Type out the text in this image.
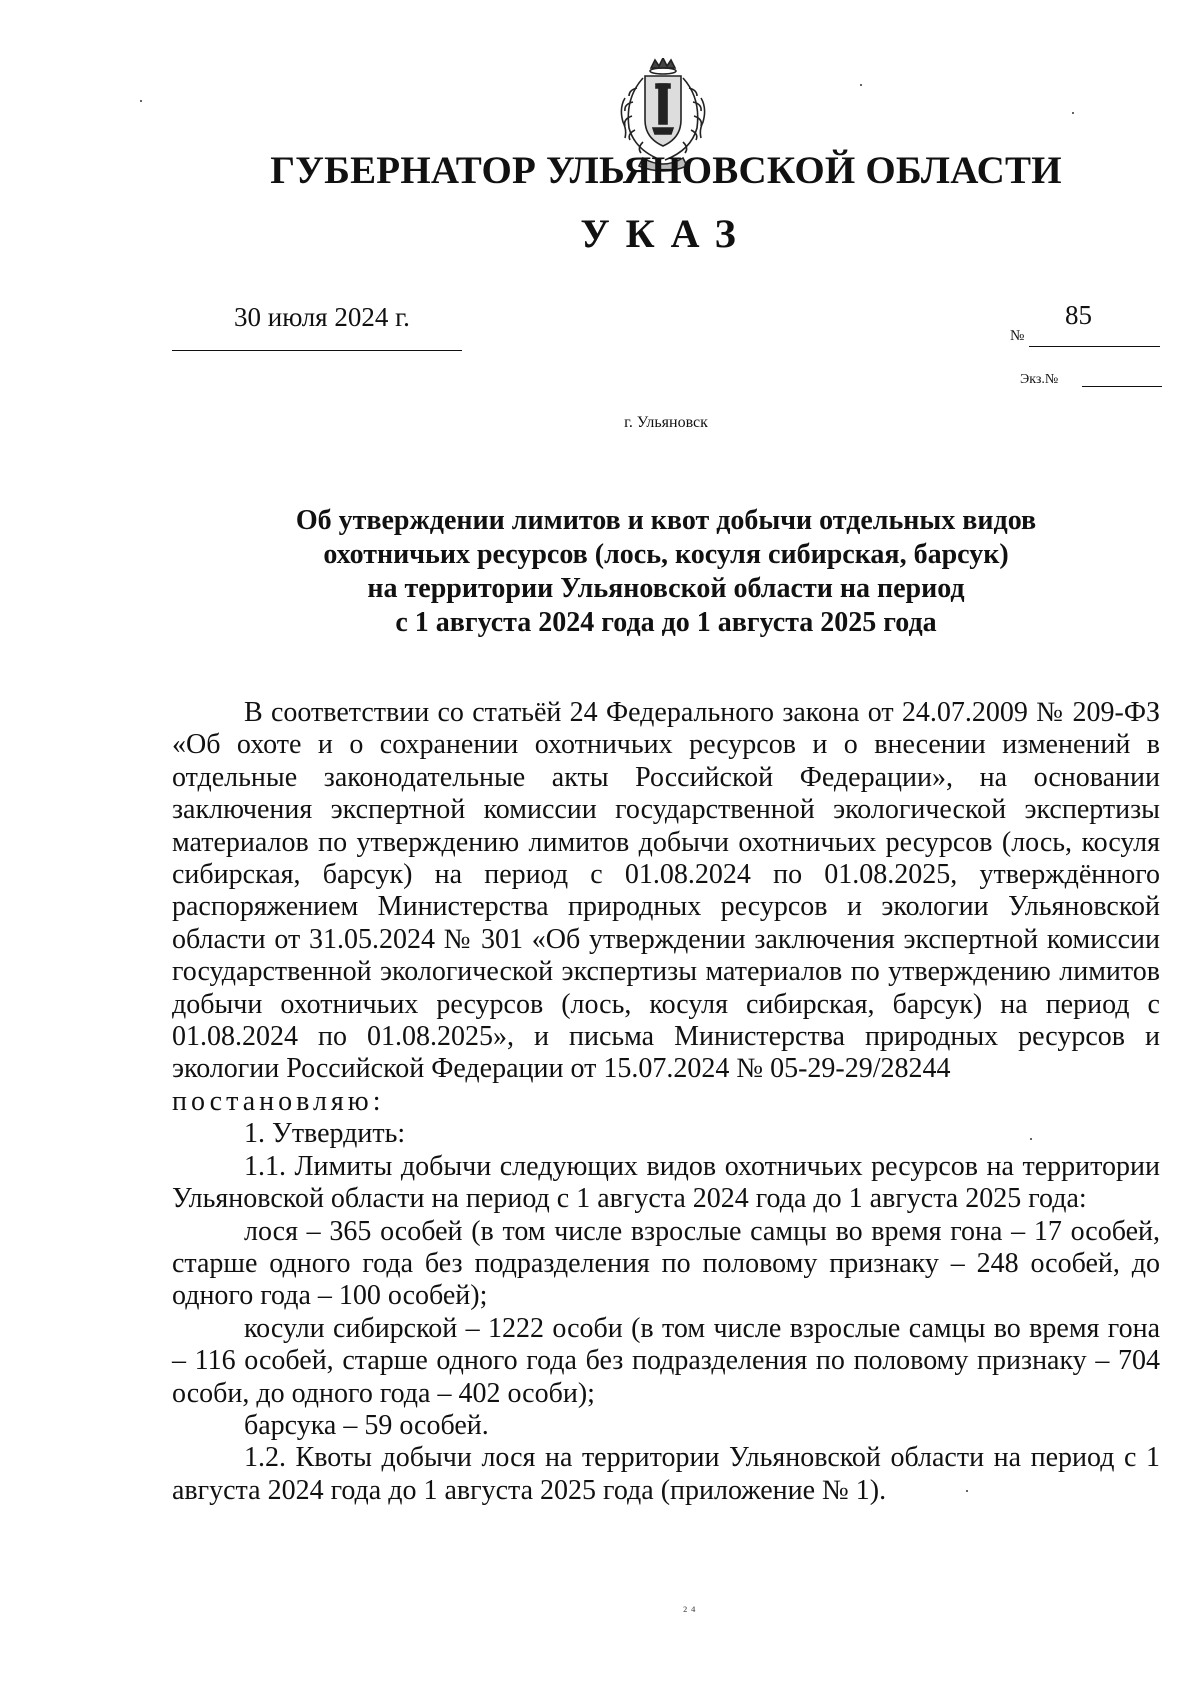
ГУБЕРНАТОР УЛЬЯНОВСКОЙ ОБЛАСТИ
УКАЗ
30 июля 2024 г.	85
№
Экз.№
г. Ульяновск
Об утверждении лимитов и квот добычи отдельных видов
охотничьих ресурсов (лось, косуля сибирская, барсук)
на территории Ульяновской области на период
с 1 августа 2024 года до 1 августа 2025 года

В соответствии со статьёй 24 Федерального закона от 24.07.2009 № 209-ФЗ «Об охоте и о сохранении охотничьих ресурсов и о внесении изменений в отдельные законодательные акты Российской Федерации», на основании заключения экспертной комиссии государственной экологической экспертизы материалов по утверждению лимитов добычи охотничьих ресурсов (лось, косуля сибирская, барсук) на период с 01.08.2024 по 01.08.2025, утверждённого распоряжением Министерства природных ресурсов и экологии Ульяновской области от 31.05.2024 № 301 «Об утверждении заключения экспертной комиссии государственной экологической экспертизы материалов по утверждению лимитов добычи охотничьих ресурсов (лось, косуля сибирская, барсук) на период с 01.08.2024 по 01.08.2025», и письма Министерства природных ресурсов и экологии Российской Федерации от 15.07.2024 № 05-29-29/28244

постановляю:

1. Утвердить:

1.1. Лимиты добычи следующих видов охотничьих ресурсов на территории Ульяновской области на период с 1 августа 2024 года до 1 августа 2025 года:

лося – 365 особей (в том числе взрослые самцы во время гона – 17 особей, старше одного года без подразделения по половому признаку – 248 особей, до одного года – 100 особей);

косули сибирской – 1222 особи (в том числе взрослые самцы во время гона – 116 особей, старше одного года без подразделения по половому признаку – 704 особи, до одного года – 402 особи);

барсука – 59 особей.

1.2. Квоты добычи лося на территории Ульяновской области на период с 1 августа 2024 года до 1 августа 2025 года (приложение № 1).

² ⁴
